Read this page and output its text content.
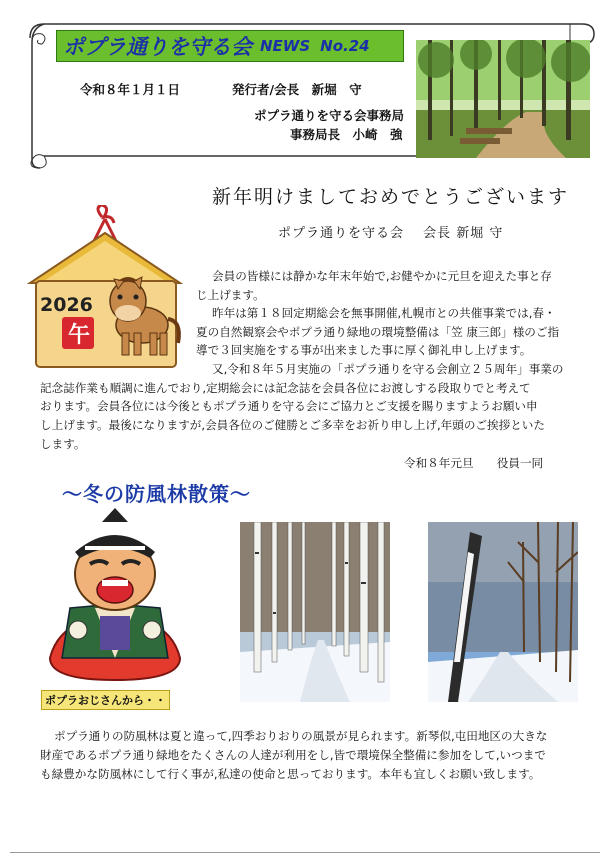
ポプラ通りを守る会 NEWS No.24
令和８年１月１日	発行者/会長　新堀　守
ポプラ通りを守る会事務局
事務局長　小崎　強
新年明けましておめでとうございます
ポプラ通りを守る会　 会長 新堀 守
2026
午
会員の皆様には静かな年末年始で,お健やかに元旦を迎えた事と存
じ上げます。
昨年は第１８回定期総会を無事開催,札幌市との共催事業では,春・
夏の自然観察会やポプラ通り緑地の環境整備は「笠 康三郎」様のご指
導で３回実施をする事が出来ました事に厚く御礼申し上げます。
又,令和８年５月実施の「ポプラ通りを守る会創立２５周年」事業の
記念誌作業も順調に進んでおり,定期総会には記念誌を会員各位にお渡しする段取りでと考えて
おります。会員各位には今後ともポプラ通りを守る会にご協力とご支援を賜りますようお願い申
し上げます。最後になりますが,会員各位のご健勝とご多幸をお祈り申し上げ,年頭のご挨拶といた
します。
令和８年元旦　　役員一同
～冬の防風林散策～
ポプラおじさんから・・
ポプラ通りの防風林は夏と違って,四季おりおりの風景が見られます。新琴似,屯田地区の大きな
財産であるポプラ通り緑地をたくさんの人達が利用をし,皆で環境保全整備に参加をして,いつまで
も緑豊かな防風林にして行く事が,私達の使命と思っております。本年も宜しくお願い致します。
